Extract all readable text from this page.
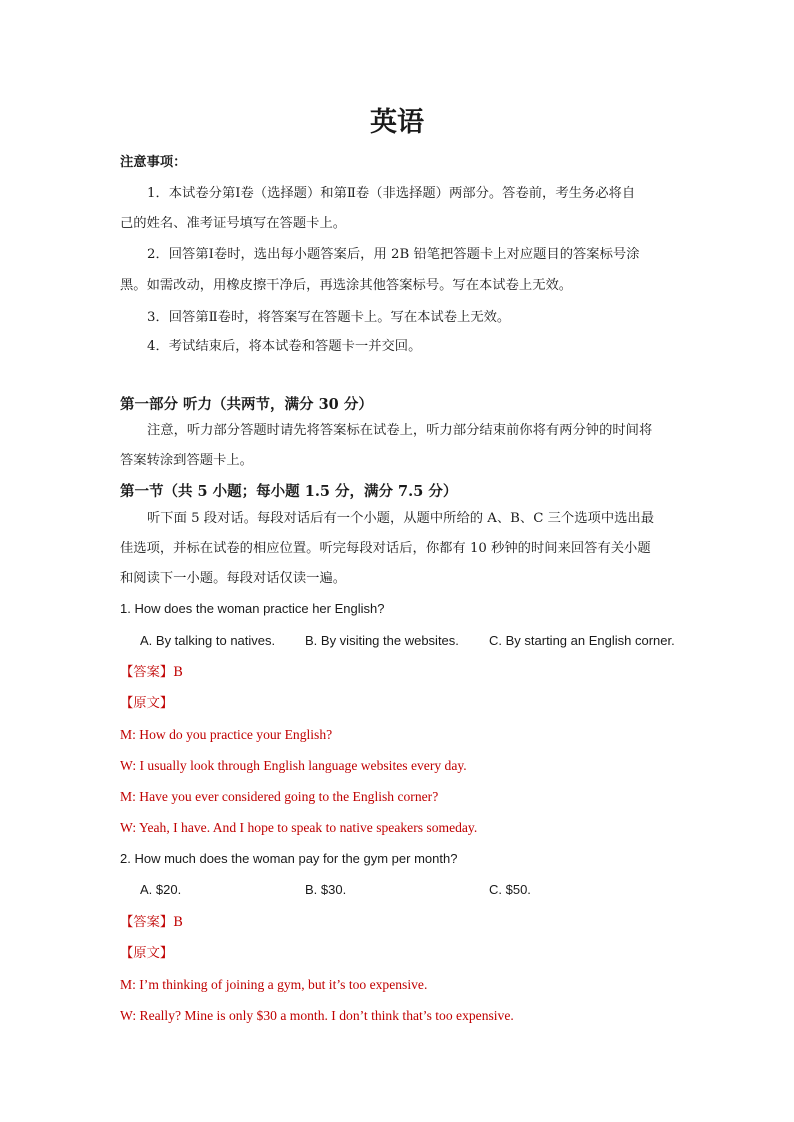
英语
注意事项：
1．本试卷分第Ⅰ卷（选择题）和第Ⅱ卷（非选择题）两部分。答卷前，考生务必将自
己的姓名、准考证号填写在答题卡上。
2．回答第Ⅰ卷时，选出每小题答案后，用 2B 铅笔把答题卡上对应题目的答案标号涂
黑。如需改动，用橡皮擦干净后，再选涂其他答案标号。写在本试卷上无效。
3．回答第Ⅱ卷时，将答案写在答题卡上。写在本试卷上无效。
4．考试结束后，将本试卷和答题卡一并交回。
第一部分 听力（共两节，满分 30 分）
注意，听力部分答题时请先将答案标在试卷上，听力部分结束前你将有两分钟的时间将
答案转涂到答题卡上。
第一节（共 5 小题；每小题 1.5 分，满分 7.5 分）
听下面 5 段对话。每段对话后有一个小题，从题中所给的 A、B、C 三个选项中选出最
佳选项，并标在试卷的相应位置。听完每段对话后，你都有 10 秒钟的时间来回答有关小题
和阅读下一小题。每段对话仅读一遍。
1. How does the woman practice her English?
A. By talking to natives. B. By visiting the websites. C. By starting an English corner.
【答案】B
【原文】
M: How do you practice your English?
W: I usually look through English language websites every day.
M: Have you ever considered going to the English corner?
W: Yeah, I have. And I hope to speak to native speakers someday.
2. How much does the woman pay for the gym per month?
A. $20.	B. $30.	C. $50.
【答案】B
【原文】
M: I’m thinking of joining a gym, but it’s too expensive.
W: Really? Mine is only $30 a month. I don’t think that’s too expensive.
